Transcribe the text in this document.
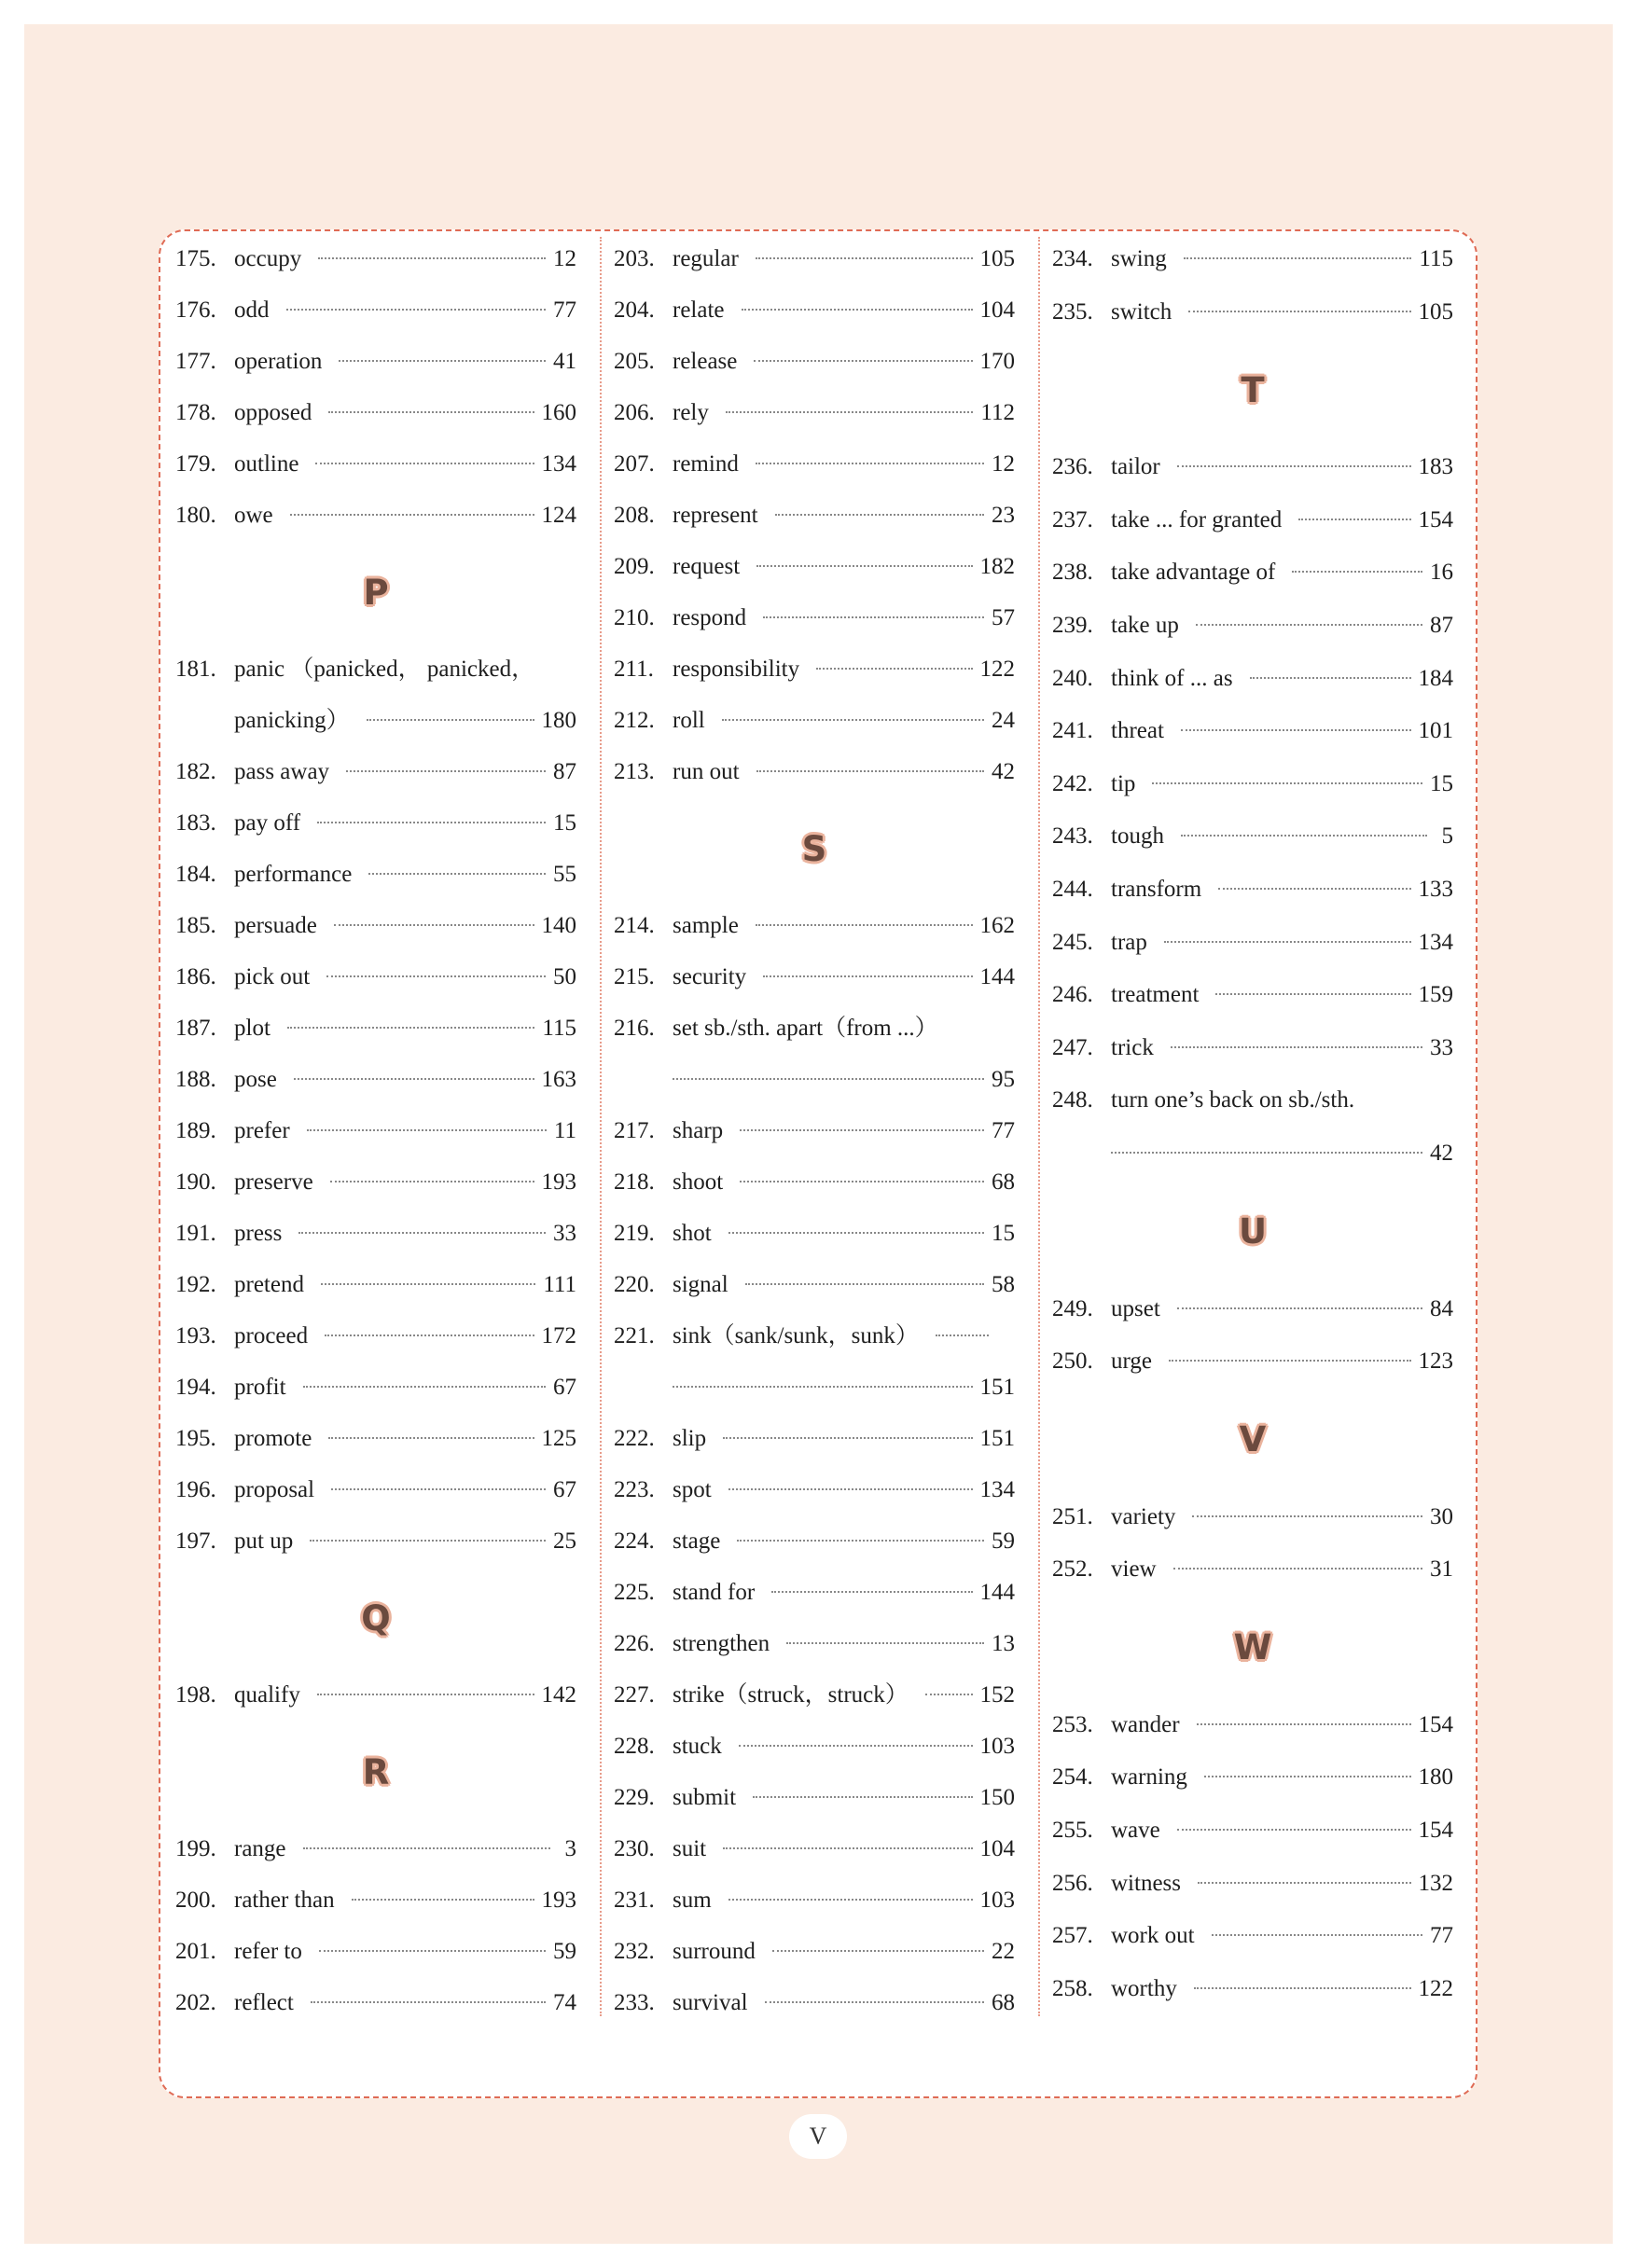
175. occupy	12
176. odd	77
177. operation	41
178. opposed	160
179. outline	134
180. owe	124
P
181. panic （panicked， panicked，
panicking）	180
182. pass away	87
183. pay off	15
184. performance	55
185. persuade	140
186. pick out	50
187. plot	115
188. pose	163
189. prefer	11
190. preserve	193
191. press	33
192. pretend	111
193. proceed	172
194. profit	67
195. promote	125
196. proposal	67
197. put up	25
Q
198. qualify	142
R
199. range	3
200. rather than	193
201. refer to	59
202. reflect	74
203. regular	105
204. relate	104
205. release	170
206. rely	112
207. remind	12
208. represent	23
209. request	182
210. respond	57
211. responsibility	122
212. roll	24
213. run out	42
S
214. sample	162
215. security	144
216. set sb./sth. apart（from ...）
95
217. sharp	77
218. shoot	68
219. shot	15
220. signal	58
221. sink（sank/sunk，sunk）
151
222. slip	151
223. spot	134
224. stage	59
225. stand for	144
226. strengthen	13
227. strike（struck，struck）	152
228. stuck	103
229. submit	150
230. suit	104
231. sum	103
232. surround	22
233. survival	68
234. swing	115
235. switch	105
T
236. tailor	183
237. take ... for granted	154
238. take advantage of	16
239. take up	87
240. think of ... as	184
241. threat	101
242. tip	15
243. tough	5
244. transform	133
245. trap	134
246. treatment	159
247. trick	33
248. turn one’s back on sb./sth.
42
U
249. upset	84
250. urge	123
V
251. variety	30
252. view	31
W
253. wander	154
254. warning	180
255. wave	154
256. witness	132
257. work out	77
258. worthy	122
V
